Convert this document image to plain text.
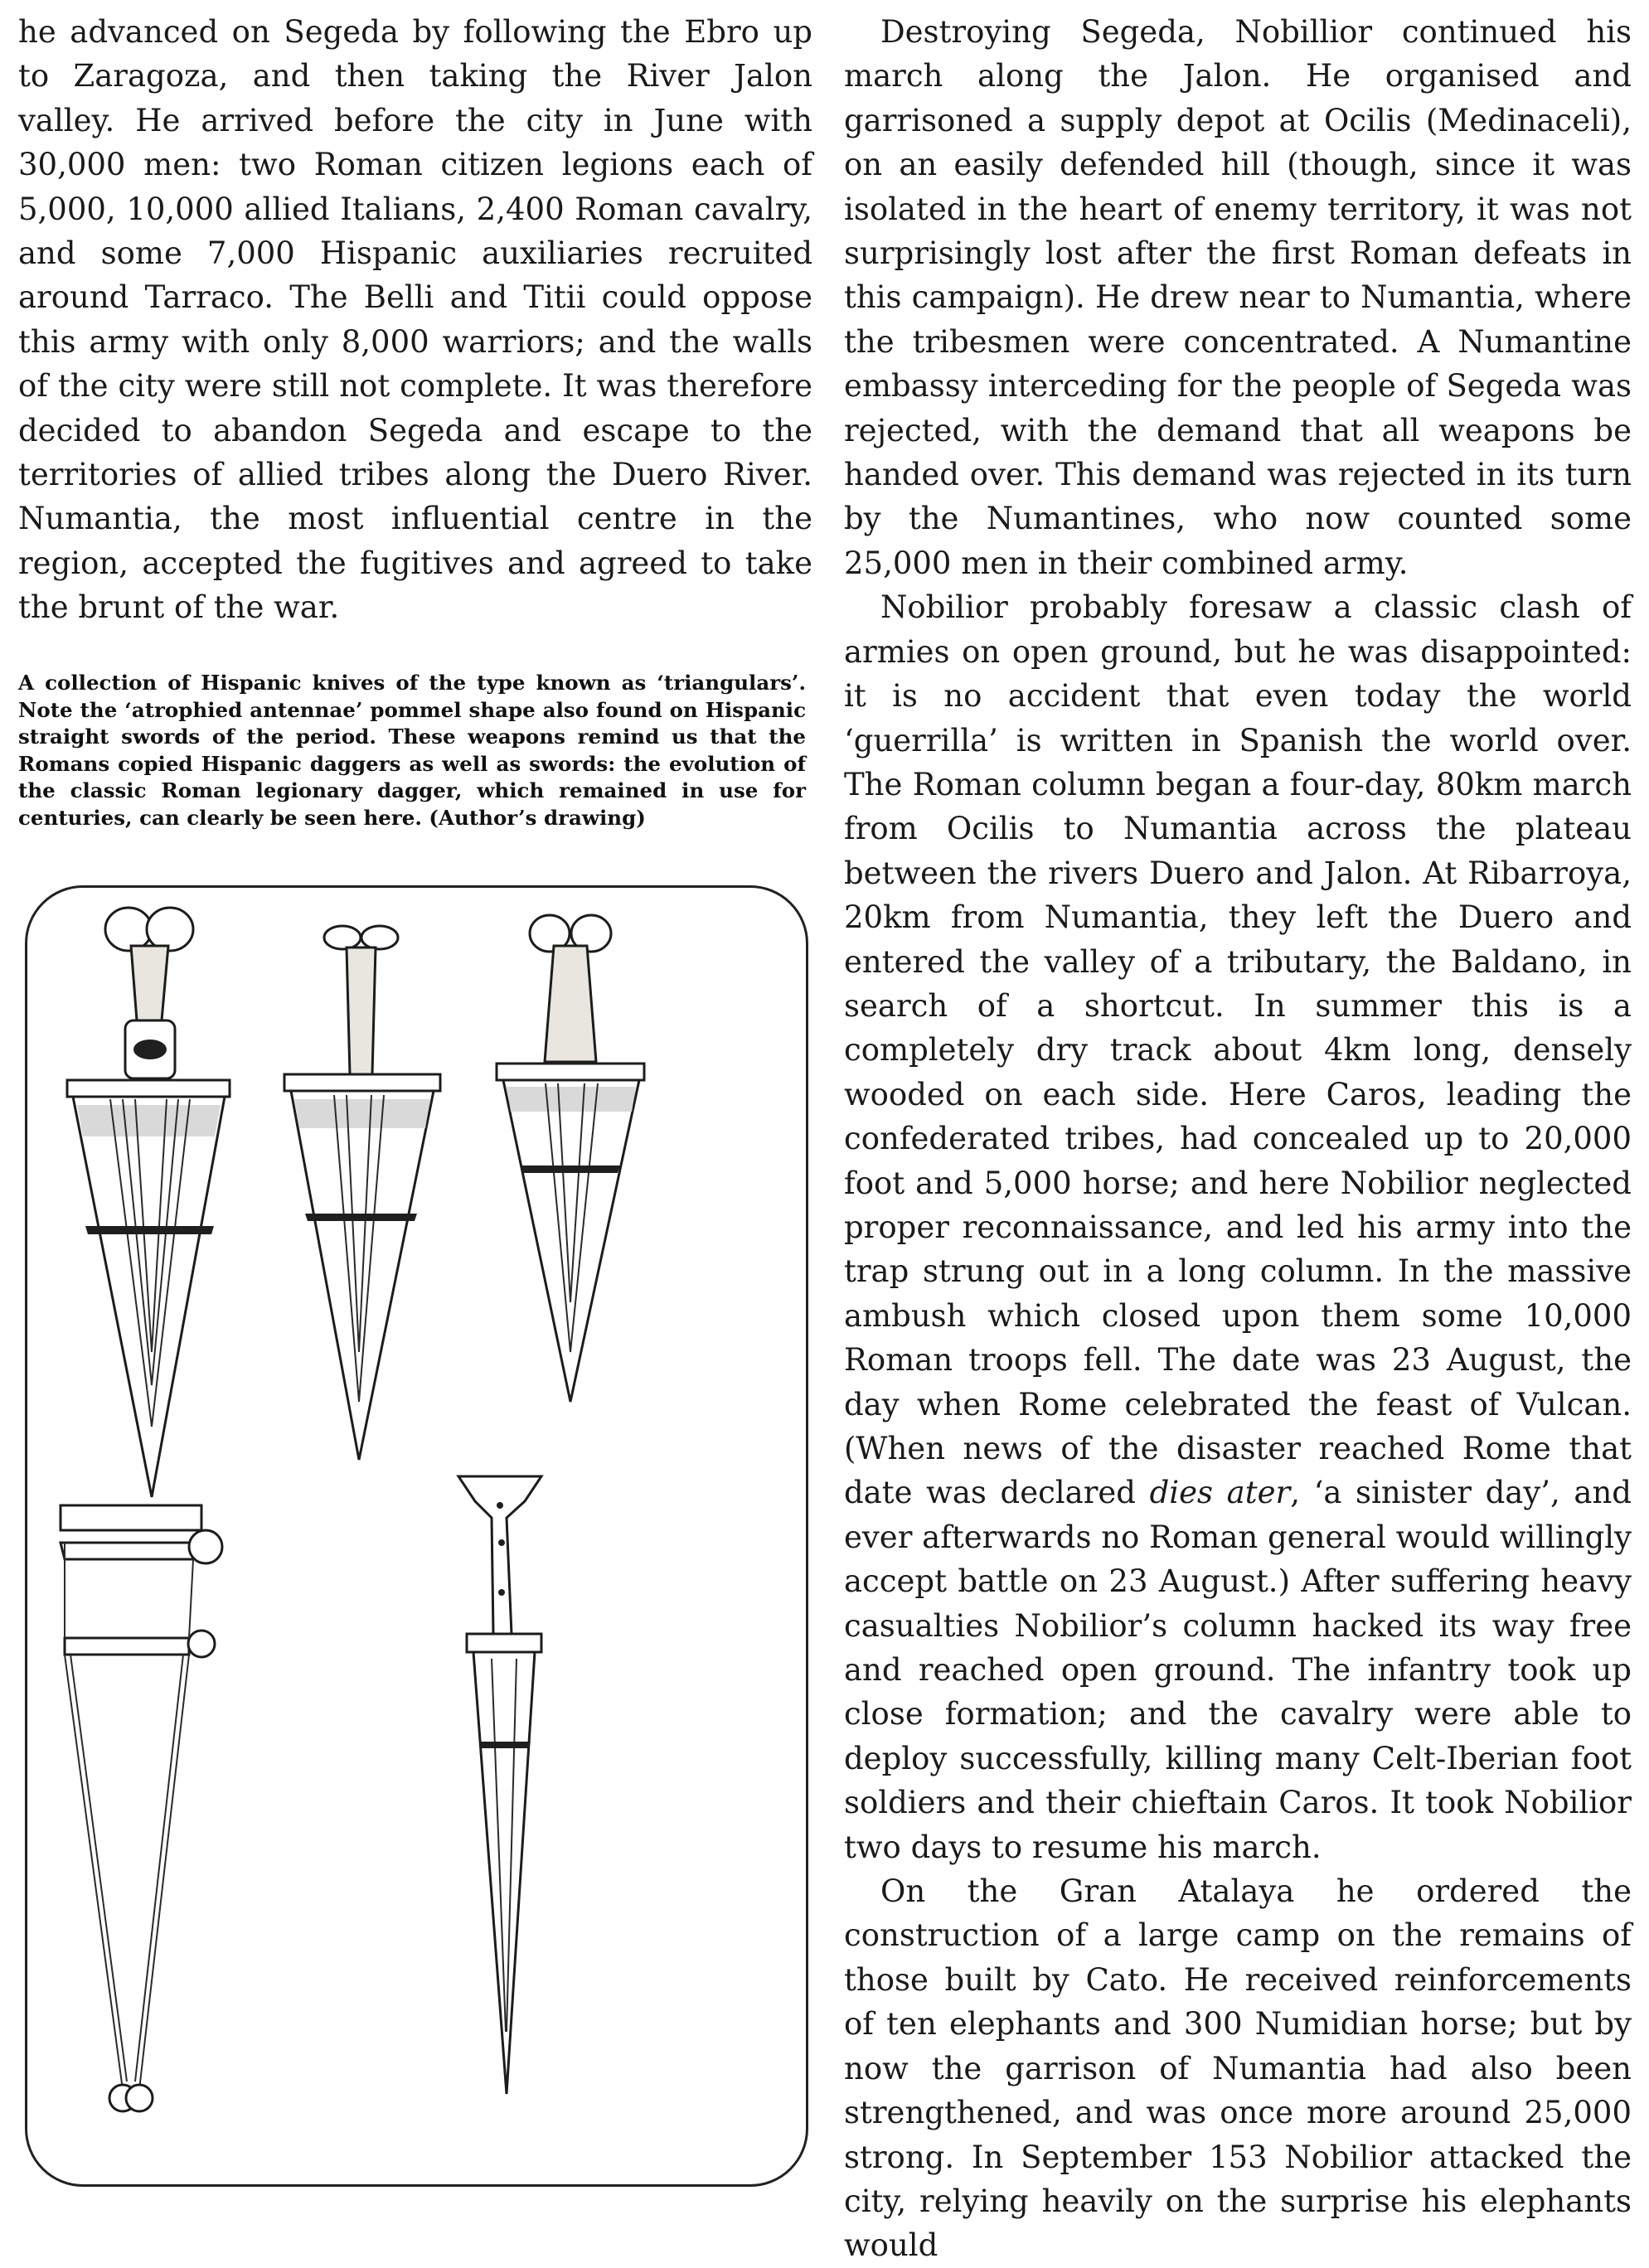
he advanced on Segeda by following the Ebro up to Zaragoza, and then taking the River Jalon valley. He arrived before the city in June with 30,000 men: two Roman citizen legions each of 5,000, 10,000 allied Italians, 2,400 Roman cavalry, and some 7,000 Hispanic auxiliaries recruited around Tarraco. The Belli and Titii could oppose this army with only 8,000 warriors; and the walls of the city were still not complete. It was therefore decided to abandon Segeda and escape to the territories of allied tribes along the Duero River. Numantia, the most influential centre in the region, accepted the fugitives and agreed to take the brunt of the war.

A collection of Hispanic knives of the type known as ‘triangulars’. Note the ‘atrophied antennae’ pommel shape also found on Hispanic straight swords of the period. These weapons remind us that the Romans copied Hispanic daggers as well as swords: the evolution of the classic Roman legionary dagger, which remained in use for centuries, can clearly be seen here. (Author’s drawing)

Destroying Segeda, Nobillior continued his march along the Jalon. He organised and garrisoned a supply depot at Ocilis (Medinaceli), on an easily defended hill (though, since it was isolated in the heart of enemy territory, it was not surprisingly lost after the first Roman defeats in this campaign). He drew near to Numantia, where the tribesmen were concentrated. A Numantine embassy interceding for the people of Segeda was rejected, with the demand that all weapons be handed over. This demand was rejected in its turn by the Numantines, who now counted some 25,000 men in their combined army.

Nobilior probably foresaw a classic clash of armies on open ground, but he was disappointed: it is no accident that even today the world ‘guerrilla’ is written in Spanish the world over. The Roman column began a four-day, 80km march from Ocilis to Numantia across the plateau between the rivers Duero and Jalon. At Ribarroya, 20km from Numantia, they left the Duero and entered the valley of a tributary, the Baldano, in search of a shortcut. In summer this is a completely dry track about 4km long, densely wooded on each side. Here Caros, leading the confederated tribes, had concealed up to 20,000 foot and 5,000 horse; and here Nobilior neglected proper reconnaissance, and led his army into the trap strung out in a long column. In the massive ambush which closed upon them some 10,000 Roman troops fell. The date was 23 August, the day when Rome celebrated the feast of Vulcan. (When news of the disaster reached Rome that date was declared dies ater, ‘a sinister day’, and ever afterwards no Roman general would willingly accept battle on 23 August.) After suffering heavy casualties Nobilior’s column hacked its way free and reached open ground. The infantry took up close formation; and the cavalry were able to deploy successfully, killing many Celt-Iberian foot soldiers and their chieftain Caros. It took Nobilior two days to resume his march.

On the Gran Atalaya he ordered the construction of a large camp on the remains of those built by Cato. He received reinforcements of ten elephants and 300 Numidian horse; but by now the garrison of Numantia had also been strengthened, and was once more around 25,000 strong. In September 153 Nobilior attacked the city, relying heavily on the surprise his elephants would
